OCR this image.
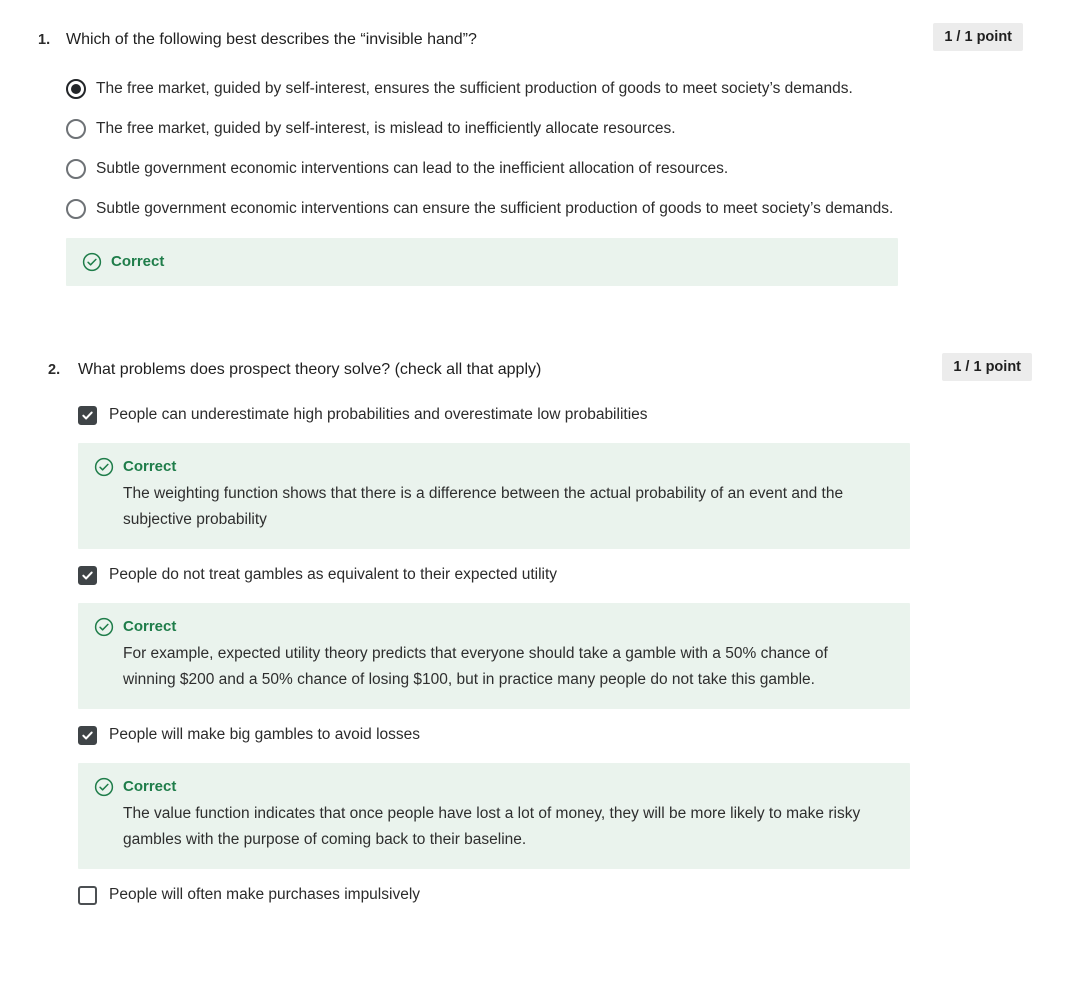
1. Which of the following best describes the “invisible hand”?	1 / 1 point
The free market, guided by self-interest, ensures the sufficient production of goods to meet society’s demands.
The free market, guided by self-interest, is mislead to inefficiently allocate resources.
Subtle government economic interventions can lead to the inefficient allocation of resources.
Subtle government economic interventions can ensure the sufficient production of goods to meet society’s demands.
Correct
2.	What problems does prospect theory solve? (check all that apply)	1 / 1 point
People can underestimate high probabilities and overestimate low probabilities
Correct
The weighting function shows that there is a difference between the actual probability of an event and the subjective probability
People do not treat gambles as equivalent to their expected utility
Correct
For example, expected utility theory predicts that everyone should take a gamble with a 50% chance of winning $200 and a 50% chance of losing $100, but in practice many people do not take this gamble.
People will make big gambles to avoid losses
Correct
The value function indicates that once people have lost a lot of money, they will be more likely to make risky gambles with the purpose of coming back to their baseline.
People will often make purchases impulsively
